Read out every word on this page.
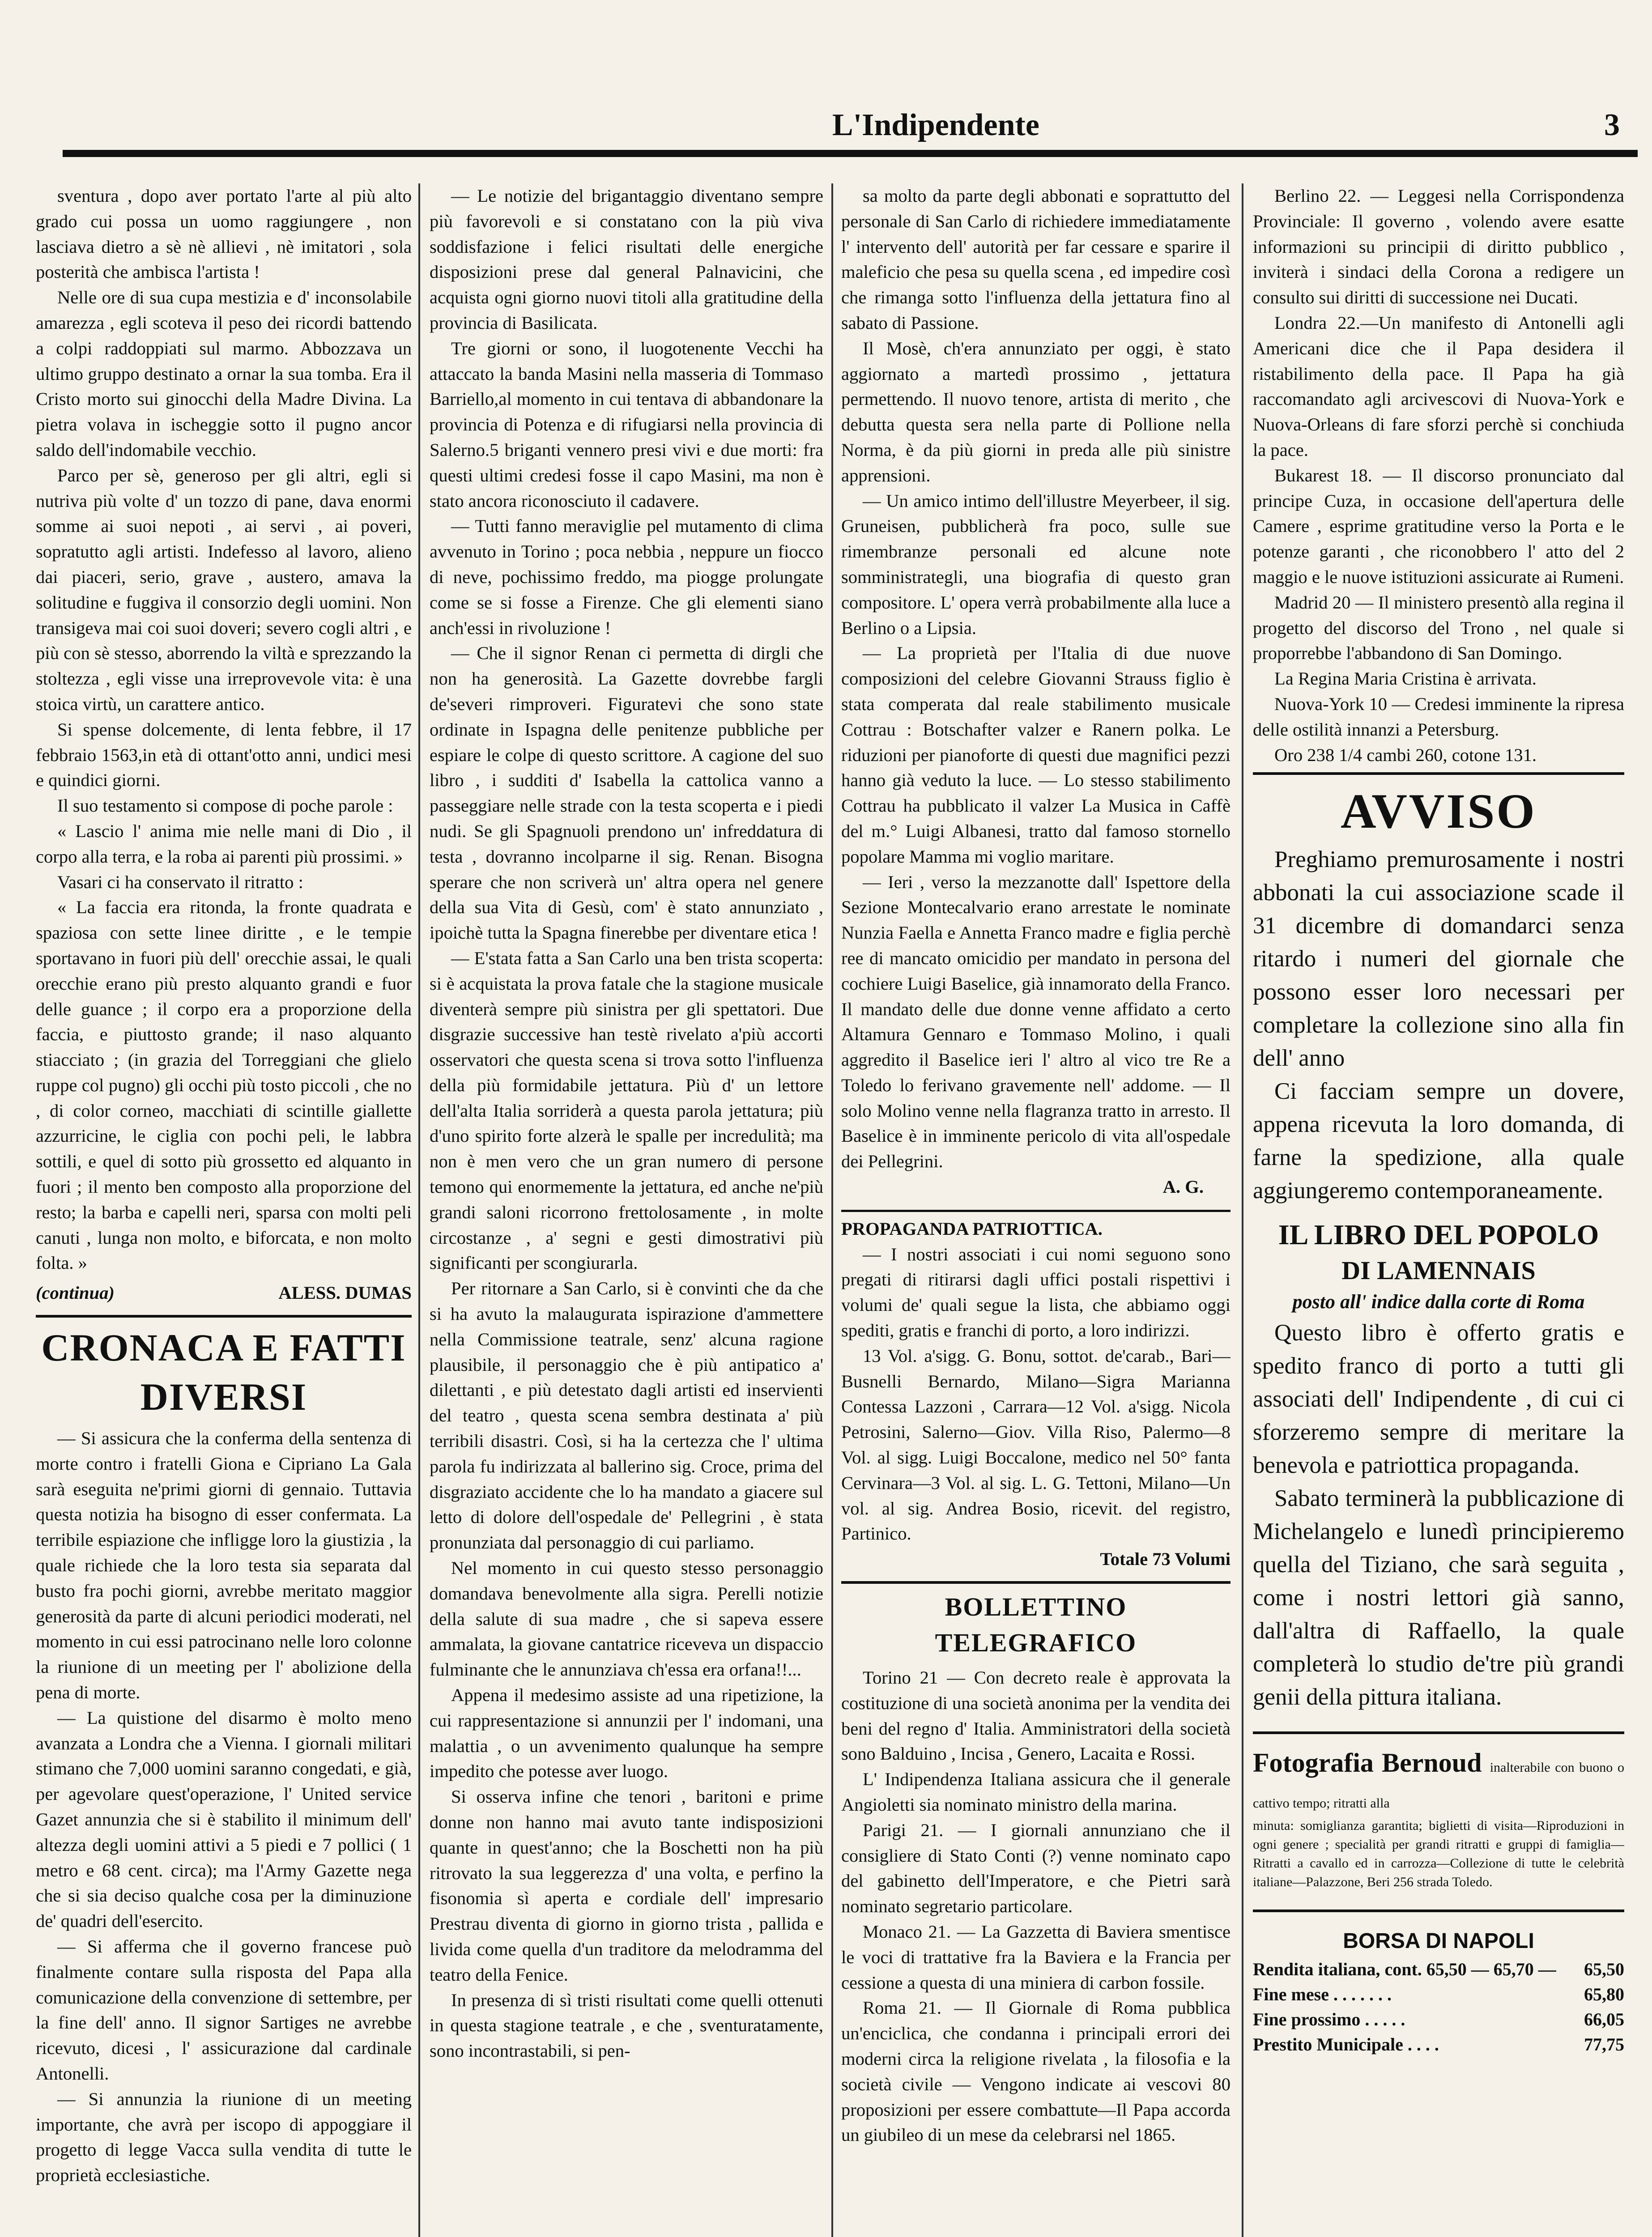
L'Indipendente	3

sventura , dopo aver portato l'arte al più alto grado cui possa un uomo raggiungere , non lasciava dietro a sè nè allievi , nè imitatori , sola posterità che ambisca l'artista !

Nelle ore di sua cupa mestizia e d' inconsolabile amarezza , egli scoteva il peso dei ricordi battendo a colpi raddoppiati sul marmo. Abbozzava un ultimo gruppo destinato a ornar la sua tomba. Era il Cristo morto sui ginocchi della Madre Divina. La pietra volava in ischeggie sotto il pugno ancor saldo dell'indomabile vecchio.

Parco per sè, generoso per gli altri, egli si nutriva più volte d' un tozzo di pane, dava enormi somme ai suoi nepoti , ai servi , ai poveri, sopratutto agli artisti. Indefesso al lavoro, alieno dai piaceri, serio, grave , austero, amava la solitudine e fuggiva il consorzio degli uomini. Non transigeva mai coi suoi doveri; severo cogli altri , e più con sè stesso, aborrendo la viltà e sprezzando la stoltezza , egli visse una irreprovevole vita: è una stoica virtù, un carattere antico.

Si spense dolcemente, di lenta febbre, il 17 febbraio 1563,in età di ottant'otto anni, undici mesi e quindici giorni.

Il suo testamento si compose di poche parole :

« Lascio l' anima mie nelle mani di Dio , il corpo alla terra, e la roba ai parenti più prossimi. »

Vasari ci ha conservato il ritratto :

« La faccia era ritonda, la fronte quadrata e spaziosa con sette linee diritte , e le tempie sportavano in fuori più dell' orecchie assai, le quali orecchie erano più presto alquanto grandi e fuor delle guance ; il corpo era a proporzione della faccia, e piuttosto grande; il naso alquanto stiacciato ; (in grazia del Torreggiani che glielo ruppe col pugno) gli occhi più tosto piccoli , che no , di color corneo, macchiati di scintille giallette azzurricine, le ciglia con pochi peli, le labbra sottili, e quel di sotto più grossetto ed alquanto in fuori ; il mento ben composto alla proporzione del resto; la barba e capelli neri, sparsa con molti peli canuti , lunga non molto, e biforcata, e non molto folta. »

(continua)	ALESS. DUMAS
CRONACA E FATTI DIVERSI

— Si assicura che la conferma della sentenza di morte contro i fratelli Giona e Cipriano La Gala sarà eseguita ne'primi giorni di gennaio. Tuttavia questa notizia ha bisogno di esser confermata. La terribile espiazione che infligge loro la giustizia , la quale richiede che la loro testa sia separata dal busto fra pochi giorni, avrebbe meritato maggior generosità da parte di alcuni periodici moderati, nel momento in cui essi patrocinano nelle loro colonne la riunione di un meeting per l' abolizione della pena di morte.

— La quistione del disarmo è molto meno avanzata a Londra che a Vienna. I giornali militari stimano che 7,000 uomini saranno congedati, e già, per agevolare quest'operazione, l' United service Gazet annunzia che si è stabilito il minimum dell' altezza degli uomini attivi a 5 piedi e 7 pollici ( 1 metro e 68 cent. circa); ma l'Army Gazette nega che si sia deciso qualche cosa per la diminuzione de' quadri dell'esercito.

— Si afferma che il governo francese può finalmente contare sulla risposta del Papa alla comunicazione della convenzione di settembre, per la fine dell' anno. Il signor Sartiges ne avrebbe ricevuto, dicesi , l' assicurazione dal cardinale Antonelli.

— Si annunzia la riunione di un meeting importante, che avrà per iscopo di appoggiare il progetto di legge Vacca sulla vendita di tutte le proprietà ecclesiastiche.

— Le notizie del brigantaggio diventano sempre più favorevoli e si constatano con la più viva soddisfazione i felici risultati delle energiche disposizioni prese dal general Palnavicini, che acquista ogni giorno nuovi titoli alla gratitudine della provincia di Basilicata.

Tre giorni or sono, il luogotenente Vecchi ha attaccato la banda Masini nella masseria di Tommaso Barriello,al momento in cui tentava di abbandonare la provincia di Potenza e di rifugiarsi nella provincia di Salerno.5 briganti vennero presi vivi e due morti: fra questi ultimi credesi fosse il capo Masini, ma non è stato ancora riconosciuto il cadavere.

— Tutti fanno meraviglie pel mutamento di clima avvenuto in Torino ; poca nebbia , neppure un fiocco di neve, pochissimo freddo, ma piogge prolungate come se si fosse a Firenze. Che gli elementi siano anch'essi in rivoluzione !

— Che il signor Renan ci permetta di dirgli che non ha generosità. La Gazette dovrebbe fargli de'severi rimproveri. Figuratevi che sono state ordinate in Ispagna delle penitenze pubbliche per espiare le colpe di questo scrittore. A cagione del suo libro , i sudditi d' Isabella la cattolica vanno a passeggiare nelle strade con la testa scoperta e i piedi nudi. Se gli Spagnuoli prendono un' infreddatura di testa , dovranno incolparne il sig. Renan. Bisogna sperare che non scriverà un' altra opera nel genere della sua Vita di Gesù, com' è stato annunziato , ipoichè tutta la Spagna finerebbe per diventare etica !

— E'stata fatta a San Carlo una ben trista scoperta: si è acquistata la prova fatale che la stagione musicale diventerà sempre più sinistra per gli spettatori. Due disgrazie successive han testè rivelato a'più accorti osservatori che questa scena si trova sotto l'influenza della più formidabile jettatura. Più d' un lettore dell'alta Italia sorriderà a questa parola jettatura; più d'uno spirito forte alzerà le spalle per incredulità; ma non è men vero che un gran numero di persone temono qui enormemente la jettatura, ed anche ne'più grandi saloni ricorrono frettolosamente , in molte circostanze , a' segni e gesti dimostrativi più significanti per scongiurarla.

Per ritornare a San Carlo, si è convinti che da che si ha avuto la malaugurata ispirazione d'ammettere nella Commissione teatrale, senz' alcuna ragione plausibile, il personaggio che è più antipatico a' dilettanti , e più detestato dagli artisti ed inservienti del teatro , questa scena sembra destinata a' più terribili disastri. Così, si ha la certezza che l' ultima parola fu indirizzata al ballerino sig. Croce, prima del disgraziato accidente che lo ha mandato a giacere sul letto di dolore dell'ospedale de' Pellegrini , è stata pronunziata dal personaggio di cui parliamo.

Nel momento in cui questo stesso personaggio domandava benevolmente alla sigra. Perelli notizie della salute di sua madre , che si sapeva essere ammalata, la giovane cantatrice riceveva un dispaccio fulminante che le annunziava ch'essa era orfana!!...

Appena il medesimo assiste ad una ripetizione, la cui rappresentazione si annunzii per l' indomani, una malattia , o un avvenimento qualunque ha sempre impedito che potesse aver luogo.

Si osserva infine che tenori , baritoni e prime donne non hanno mai avuto tante indisposizioni quante in quest'anno; che la Boschetti non ha più ritrovato la sua leggerezza d' una volta, e perfino la fisonomia sì aperta e cordiale dell' impresario Prestrau diventa di giorno in giorno trista , pallida e livida come quella d'un traditore da melodramma del teatro della Fenice.

In presenza di sì tristi risultati come quelli ottenuti in questa stagione teatrale , e che , sventuratamente, sono incontrastabili, si pen-

sa molto da parte degli abbonati e soprattutto del personale di San Carlo di richiedere immediatamente l' intervento dell' autorità per far cessare e sparire il maleficio che pesa su quella scena , ed impedire così che rimanga sotto l'influenza della jettatura fino al sabato di Passione.

Il Mosè, ch'era annunziato per oggi, è stato aggiornato a martedì prossimo , jettatura permettendo. Il nuovo tenore, artista di merito , che debutta questa sera nella parte di Pollione nella Norma, è da più giorni in preda alle più sinistre apprensioni.

— Un amico intimo dell'illustre Meyerbeer, il sig. Gruneisen, pubblicherà fra poco, sulle sue rimembranze personali ed alcune note somministrategli, una biografia di questo gran compositore. L' opera verrà probabilmente alla luce a Berlino o a Lipsia.

— La proprietà per l'Italia di due nuove composizioni del celebre Giovanni Strauss figlio è stata comperata dal reale stabilimento musicale Cottrau : Botschafter valzer e Ranern polka. Le riduzioni per pianoforte di questi due magnifici pezzi hanno già veduto la luce. — Lo stesso stabilimento Cottrau ha pubblicato il valzer La Musica in Caffè del m.° Luigi Albanesi, tratto dal famoso stornello popolare Mamma mi voglio maritare.

— Ieri , verso la mezzanotte dall' Ispettore della Sezione Montecalvario erano arrestate le nominate Nunzia Faella e Annetta Franco madre e figlia perchè ree di mancato omicidio per mandato in persona del cochiere Luigi Baselice, già innamorato della Franco. Il mandato delle due donne venne affidato a certo Altamura Gennaro e Tommaso Molino, i quali aggredito il Baselice ieri l' altro al vico tre Re a Toledo lo ferivano gravemente nell' addome. — Il solo Molino venne nella flagranza tratto in arresto. Il Baselice è in imminente pericolo di vita all'ospedale dei Pellegrini.

A. G.

PROPAGANDA PATRIOTTICA.

— I nostri associati i cui nomi seguono sono pregati di ritirarsi dagli uffici postali rispettivi i volumi de' quali segue la lista, che abbiamo oggi spediti, gratis e franchi di porto, a loro indirizzi.

13 Vol. a'sigg. G. Bonu, sottot. de'carab., Bari—Busnelli Bernardo, Milano—Sigra Marianna Contessa Lazzoni , Carrara—12 Vol. a'sigg. Nicola Petrosini, Salerno—Giov. Villa Riso, Palermo—8 Vol. al sigg. Luigi Boccalone, medico nel 50° fanta Cervinara—3 Vol. al sig. L. G. Tettoni, Milano—Un vol. al sig. Andrea Bosio, ricevit. del registro, Partinico.

Totale 73 Volumi

BOLLETTINO TELEGRAFICO

Torino 21 — Con decreto reale è approvata la costituzione di una società anonima per la vendita dei beni del regno d' Italia. Amministratori della società sono Balduino , Incisa , Genero, Lacaita e Rossi.

L' Indipendenza Italiana assicura che il generale Angioletti sia nominato ministro della marina.

Parigi 21. — I giornali annunziano che il consigliere di Stato Conti (?) venne nominato capo del gabinetto dell'Imperatore, e che Pietri sarà nominato segretario particolare.

Monaco 21. — La Gazzetta di Baviera smentisce le voci di trattative fra la Baviera e la Francia per cessione a questa di una miniera di carbon fossile.

Roma 21. — Il Giornale di Roma pubblica un'enciclica, che condanna i principali errori dei moderni circa la religione rivelata , la filosofia e la società civile — Vengono indicate ai vescovi 80 proposizioni per essere combattute—Il Papa accorda un giubileo di un mese da celebrarsi nel 1865.

Berlino 22. — Leggesi nella Corrispondenza Provinciale: Il governo , volendo avere esatte informazioni su principii di diritto pubblico , inviterà i sindaci della Corona a redigere un consulto sui diritti di successione nei Ducati.

Londra 22.—Un manifesto di Antonelli agli Americani dice che il Papa desidera il ristabilimento della pace. Il Papa ha già raccomandato agli arcivescovi di Nuova-York e Nuova-Orleans di fare sforzi perchè si conchiuda la pace.

Bukarest 18. — Il discorso pronunciato dal principe Cuza, in occasione dell'apertura delle Camere , esprime gratitudine verso la Porta e le potenze garanti , che riconobbero l' atto del 2 maggio e le nuove istituzioni assicurate ai Rumeni.

Madrid 20 — Il ministero presentò alla regina il progetto del discorso del Trono , nel quale si proporrebbe l'abbandono di San Domingo.

La Regina Maria Cristina è arrivata.

Nuova-York 10 — Credesi imminente la ripresa delle ostilità innanzi a Petersburg.

Oro 238 1/4 cambi 260, cotone 131.

AVVISO

Preghiamo premurosamente i nostri abbonati la cui associazione scade il 31 dicembre di domandarci senza ritardo i numeri del giornale che possono esser loro necessari per completare la collezione sino alla fin dell' anno

Ci facciam sempre un dovere, appena ricevuta la loro domanda, di farne la spedizione, alla quale aggiungeremo contemporaneamente.

IL LIBRO DEL POPOLO
DI LAMENNAIS
posto all' indice dalla corte di Roma

Questo libro è offerto gratis e spedito franco di porto a tutti gli associati dell' Indipendente , di cui ci sforzeremo sempre di meritare la benevola e patriottica propaganda.

Sabato terminerà la pubblicazione di Michelangelo e lunedì principieremo quella del Tiziano, che sarà seguita , come i nostri lettori già sanno, dall'altra di Raffaello, la quale completerà lo studio de'tre più grandi genii della pittura italiana.

Fotografia Bernoud inalterabile con buono o cattivo tempo; ritratti alla

minuta: somiglianza garantita; biglietti di visita—Riproduzioni in ogni genere ; specialità per grandi ritratti e gruppi di famiglia—Ritratti a cavallo ed in carrozza—Collezione di tutte le celebrità italiane—Palazzone, Beri 256 strada Toledo.

BORSA DI NAPOLI
Rendita italiana, cont. 65,50 — 65,70 — 65,50
Fine mese . . . . . . .	65,80
Fine prossimo . . . . .	66,05
Prestito Municipale . . . .	77,75
